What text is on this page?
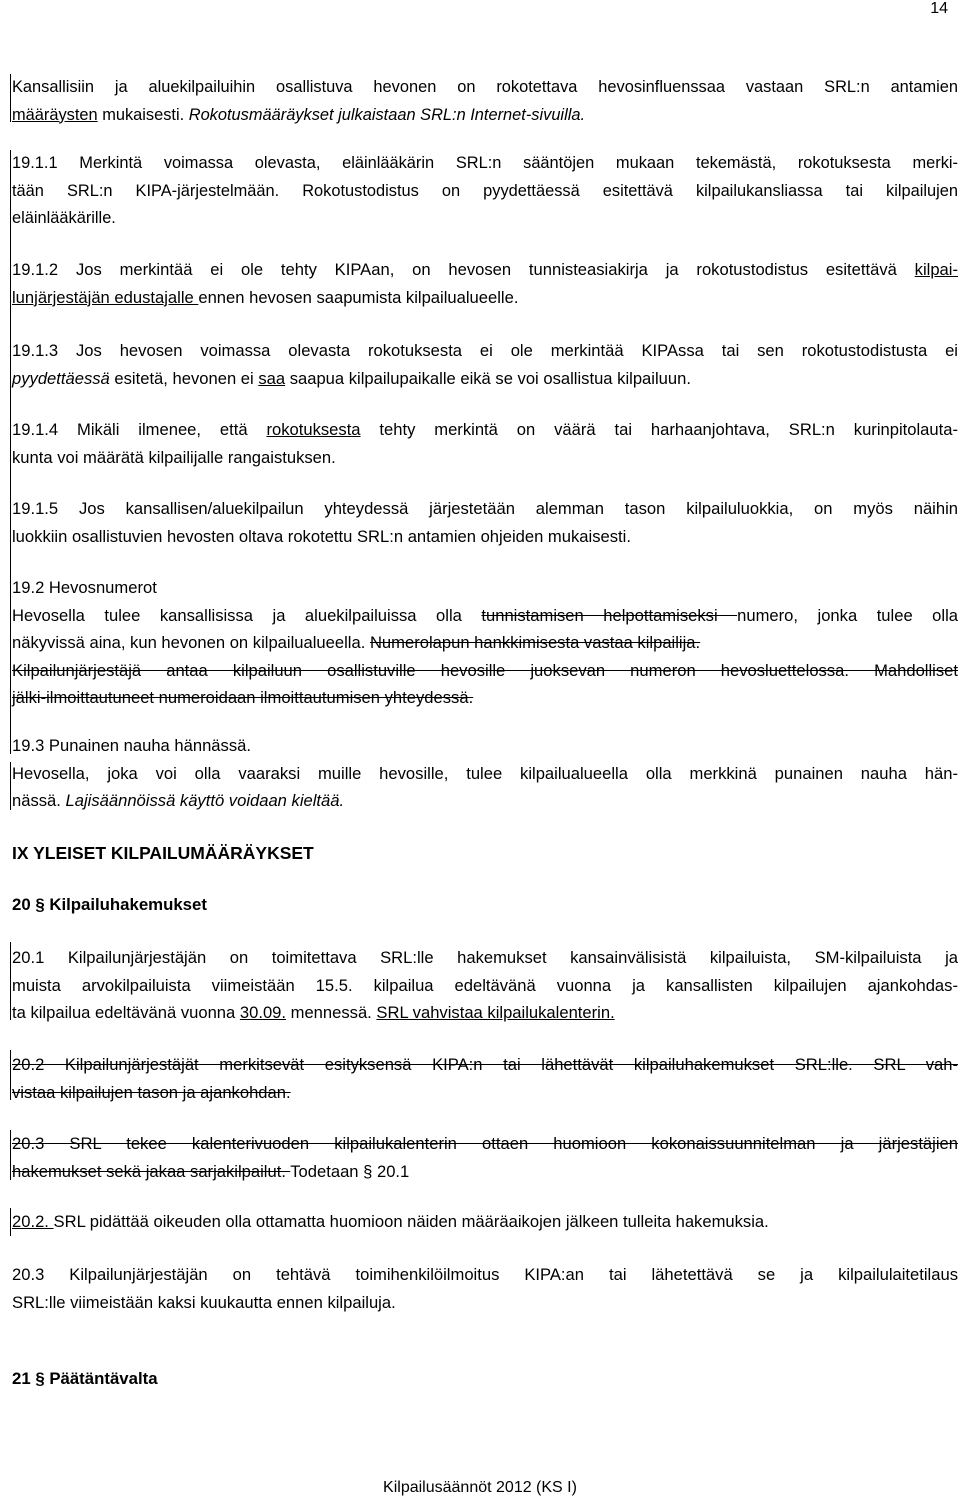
14
Kansallisiin ja aluekilpailuihin osallistuva hevonen on rokotettava hevosinfluenssaa vastaan SRL:n antamien
määräysten mukaisesti. Rokotusmääräykset julkaistaan SRL:n Internet-sivuilla.
19.1.1 Merkintä voimassa olevasta, eläinlääkärin SRL:n sääntöjen mukaan tekemästä, rokotuksesta merki-
tään SRL:n KIPA-järjestelmään. Rokotustodistus on pyydettäessä esitettävä kilpailukansliassa tai kilpailujen
eläinlääkärille.
19.1.2 Jos merkintää ei ole tehty KIPAan, on hevosen tunnisteasiakirja ja rokotustodistus esitettävä kilpai-
lunjärjestäjän edustajalle ennen hevosen saapumista kilpailualueelle.
19.1.3 Jos hevosen voimassa olevasta rokotuksesta ei ole merkintää KIPAssa tai sen rokotustodistusta ei
pyydettäessä esitetä, hevonen ei saa saapua kilpailupaikalle eikä se voi osallistua kilpailuun.
19.1.4 Mikäli ilmenee, että rokotuksesta tehty merkintä on väärä tai harhaanjohtava, SRL:n kurinpitolauta-
kunta voi määrätä kilpailijalle rangaistuksen.
19.1.5 Jos kansallisen/aluekilpailun yhteydessä järjestetään alemman tason kilpailuluokkia, on myös näihin
luokkiin osallistuvien hevosten oltava rokotettu SRL:n antamien ohjeiden mukaisesti.
19.2 Hevosnumerot
Hevosella tulee kansallisissa ja aluekilpailuissa olla tunnistamisen helpottamiseksi numero, jonka tulee olla
näkyvissä aina, kun hevonen on kilpailualueella. Numerolapun hankkimisesta vastaa kilpailija.
Kilpailunjärjestäjä antaa kilpailuun osallistuville hevosille juoksevan numeron hevosluettelossa. Mahdolliset
jälki-ilmoittautuneet numeroidaan ilmoittautumisen yhteydessä.
19.3 Punainen nauha hännässä.
Hevosella, joka voi olla vaaraksi muille hevosille, tulee kilpailualueella olla merkkinä punainen nauha hän-
nässä. Lajisäännöissä käyttö voidaan kieltää.
IX YLEISET KILPAILUMÄÄRÄYKSET
20 § Kilpailuhakemukset
20.1 Kilpailunjärjestäjän on toimitettava SRL:lle hakemukset kansainvälisistä kilpailuista, SM-kilpailuista ja
muista arvokilpailuista viimeistään 15.5. kilpailua edeltävänä vuonna ja kansallisten kilpailujen ajankohdas-
ta kilpailua edeltävänä vuonna 30.09. mennessä. SRL vahvistaa kilpailukalenterin.
20.2 Kilpailunjärjestäjät merkitsevät esityksensä KIPA:n tai lähettävät kilpailuhakemukset SRL:lle. SRL vah-
vistaa kilpailujen tason ja ajankohdan.
20.3 SRL tekee kalenterivuoden kilpailukalenterin ottaen huomioon kokonaissuunnitelman ja järjestäjien
hakemukset sekä jakaa sarjakilpailut. Todetaan § 20.1
20.2. SRL pidättää oikeuden olla ottamatta huomioon näiden määräaikojen jälkeen tulleita hakemuksia.
20.3 Kilpailunjärjestäjän on tehtävä toimihenkilöilmoitus KIPA:an tai lähetettävä se ja kilpailulaitetilaus
SRL:lle viimeistään kaksi kuukautta ennen kilpailuja.
21 § Päätäntävalta
Kilpailusäännöt 2012 (KS I)
